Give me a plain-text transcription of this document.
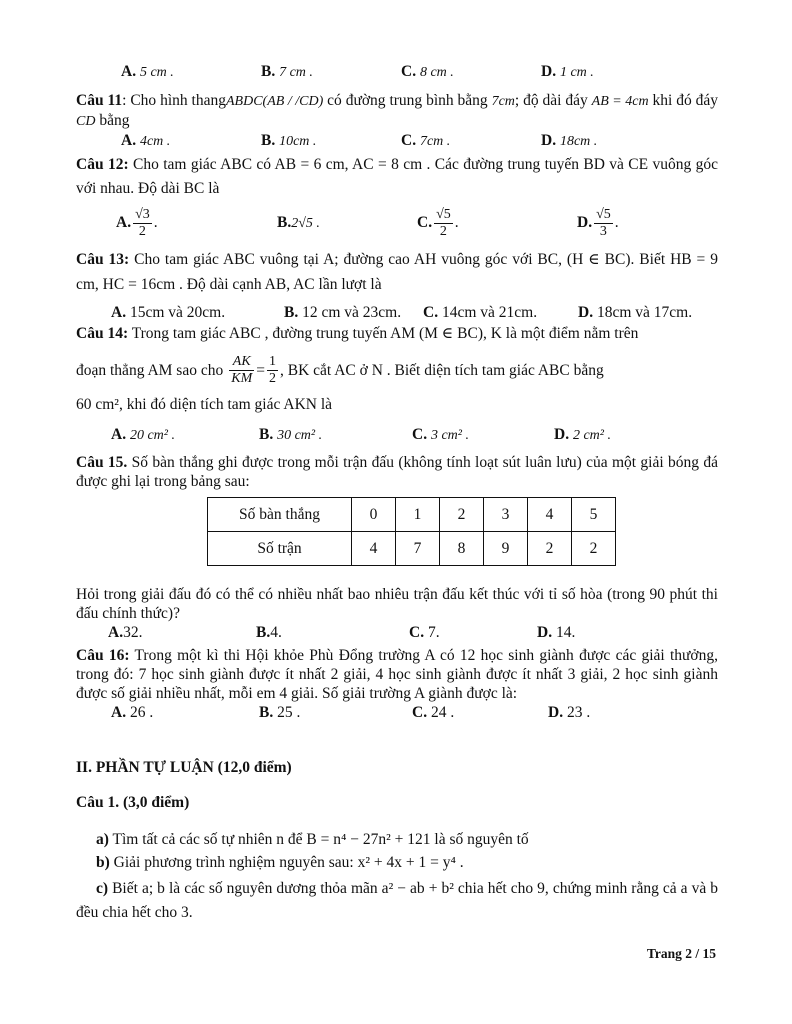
A. 5 cm .	B. 7 cm .	C. 8 cm .	D. 1 cm .
Câu 11: Cho hình thangABDC(AB / /CD) có đường trung bình bằng 7cm; độ dài đáy AB = 4cm khi đó đáy CD bằng
A. 4cm .	B. 10cm .	C. 7cm .	D. 18cm .
Câu 12: Cho tam giác ABC có AB = 6 cm, AC = 8 cm . Các đường trung tuyến BD và CE vuông góc với nhau. Độ dài BC là
A. $\frac{√3}{2}$ .	B.2√5 .	C. $\frac{√5}{2}$ .	D. $\frac{√5}{3}$ .
Câu 13: Cho tam giác ABC vuông tại A; đường cao AH vuông góc với BC, (H ∈ BC). Biết HB = 9 cm, HC = 16cm . Độ dài cạnh AB, AC lần lượt là
A. 15cm và 20cm.	B. 12 cm và 23cm.	C. 14cm và 21cm.	D. 18cm và 17cm.
Câu 14: Trong tam giác ABC , đường trung tuyến AM (M ∈ BC), K là một điểm nằm trên
đoạn thẳng AM sao cho $\frac{AK}{KM} = \frac{1}{2}$ , BK cắt AC ở N . Biết diện tích tam giác ABC bằng
60 cm², khi đó diện tích tam giác AKN là
A. 20 cm² .	B. 30 cm² .	C. 3 cm² .	D. 2 cm² .
Câu 15. Số bàn thắng ghi được trong mỗi trận đấu (không tính loạt sút luân lưu) của một giải bóng đá được ghi lại trong bảng sau:
Số bàn thắng	0	1	2	3	4	5
Số trận	4	7	8	9	2	2
Hỏi trong giải đấu đó có thể có nhiều nhất bao nhiêu trận đấu kết thúc với tỉ số hòa (trong 90 phút thi đấu chính thức)?
A.32.	B.4.	C. 7.	D. 14.
Câu 16: Trong một kì thi Hội khỏe Phù Đổng trường A có 12 học sinh giành được các giải thưởng, trong đó: 7 học sinh giành được ít nhất 2 giải, 4 học sinh giành được ít nhất 3 giải, 2 học sinh giành được số giải nhiều nhất, mỗi em 4 giải. Số giải trường A giành được là:
A. 26 .	B. 25 .	C. 24 .	D. 23 .
II. PHẦN TỰ LUẬN (12,0 điểm)
Câu 1. (3,0 điểm)
a) Tìm tất cả các số tự nhiên n để B = n⁴ − 27n² + 121 là số nguyên tố
b) Giải phương trình nghiệm nguyên sau: x² + 4x + 1 = y⁴ .
c) Biết a; b là các số nguyên dương thỏa mãn a² − ab + b² chia hết cho 9, chứng minh rằng cả a và b đều chia hết cho 3.
Trang 2 / 15
